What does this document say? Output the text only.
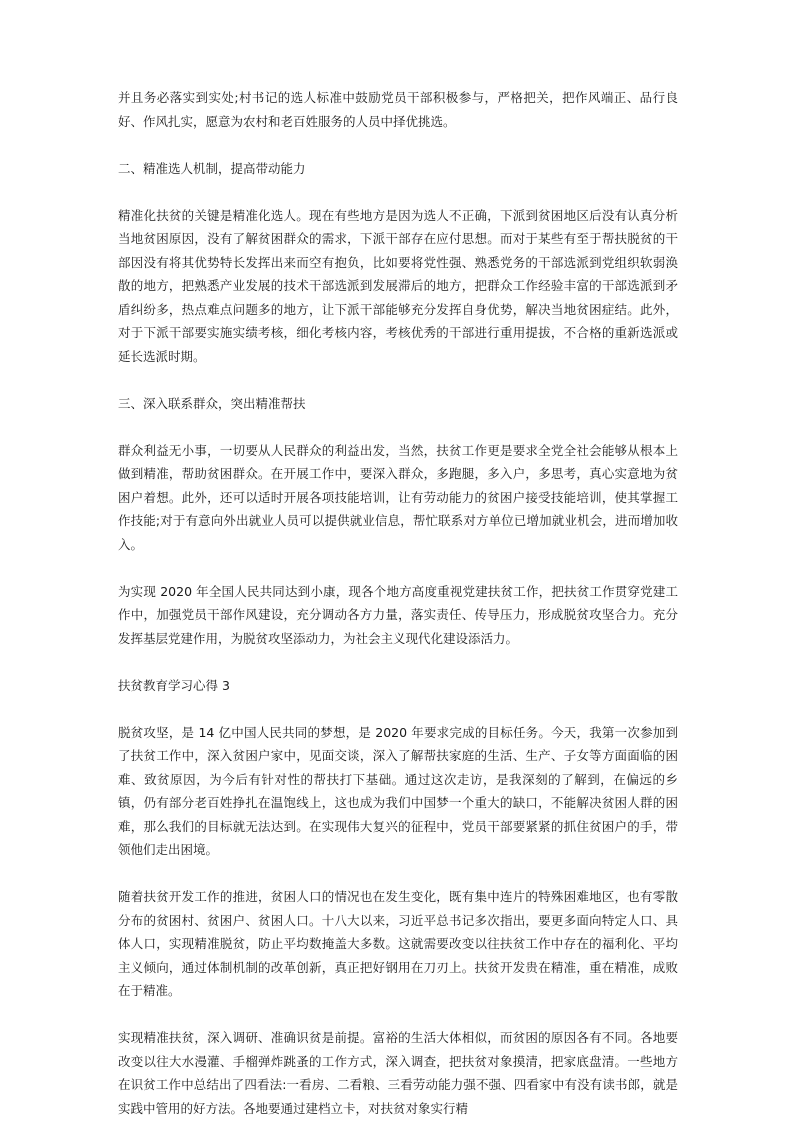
并且务必落实到实处;村书记的选人标准中鼓励党员干部积极参与，严格把关，把作风端正、品行良好、作风扎实，愿意为农村和老百姓服务的人员中择优挑选。

二、精准选人机制，提高带动能力

精准化扶贫的关键是精准化选人。现在有些地方是因为选人不正确，下派到贫困地区后没有认真分析当地贫困原因，没有了解贫困群众的需求，下派干部存在应付思想。而对于某些有至于帮扶脱贫的干部因没有将其优势特长发挥出来而空有抱负，比如要将党性强、熟悉党务的干部选派到党组织软弱涣散的地方，把熟悉产业发展的技术干部选派到发展滞后的地方，把群众工作经验丰富的干部选派到矛盾纠纷多，热点难点问题多的地方，让下派干部能够充分发挥自身优势，解决当地贫困症结。此外，对于下派干部要实施实绩考核，细化考核内容，考核优秀的干部进行重用提拔，不合格的重新选派或延长选派时期。

三、深入联系群众，突出精准帮扶

群众利益无小事，一切要从人民群众的利益出发，当然，扶贫工作更是要求全党全社会能够从根本上做到精准，帮助贫困群众。在开展工作中，要深入群众，多跑腿，多入户，多思考，真心实意地为贫困户着想。此外，还可以适时开展各项技能培训，让有劳动能力的贫困户接受技能培训，使其掌握工作技能;对于有意向外出就业人员可以提供就业信息，帮忙联系对方单位已增加就业机会，进而增加收入。

为实现 2020 年全国人民共同达到小康，现各个地方高度重视党建扶贫工作，把扶贫工作贯穿党建工作中，加强党员干部作风建设，充分调动各方力量，落实责任、传导压力，形成脱贫攻坚合力。充分发挥基层党建作用，为脱贫攻坚添动力，为社会主义现代化建设添活力。

扶贫教育学习心得 3

脱贫攻坚，是 14 亿中国人民共同的梦想，是 2020 年要求完成的目标任务。今天，我第一次参加到了扶贫工作中，深入贫困户家中，见面交谈，深入了解帮扶家庭的生活、生产、子女等方面面临的困难、致贫原因，为今后有针对性的帮扶打下基础。通过这次走访，是我深刻的了解到，在偏远的乡镇，仍有部分老百姓挣扎在温饱线上，这也成为我们中国梦一个重大的缺口，不能解决贫困人群的困难，那么我们的目标就无法达到。在实现伟大复兴的征程中，党员干部要紧紧的抓住贫困户的手，带领他们走出困境。

随着扶贫开发工作的推进，贫困人口的情况也在发生变化，既有集中连片的特殊困难地区，也有零散分布的贫困村、贫困户、贫困人口。十八大以来，习近平总书记多次指出，要更多面向特定人口、具体人口，实现精准脱贫，防止平均数掩盖大多数。这就需要改变以往扶贫工作中存在的福利化、平均主义倾向，通过体制机制的改革创新，真正把好钢用在刀刃上。扶贫开发贵在精准，重在精准，成败在于精准。

实现精准扶贫，深入调研、准确识贫是前提。富裕的生活大体相似，而贫困的原因各有不同。各地要改变以往大水漫灌、手榴弹炸跳蚤的工作方式，深入调查，把扶贫对象摸清，把家底盘清。一些地方在识贫工作中总结出了四看法:一看房、二看粮、三看劳动能力强不强、四看家中有没有读书郎，就是实践中管用的好方法。各地要通过建档立卡，对扶贫对象实行精
